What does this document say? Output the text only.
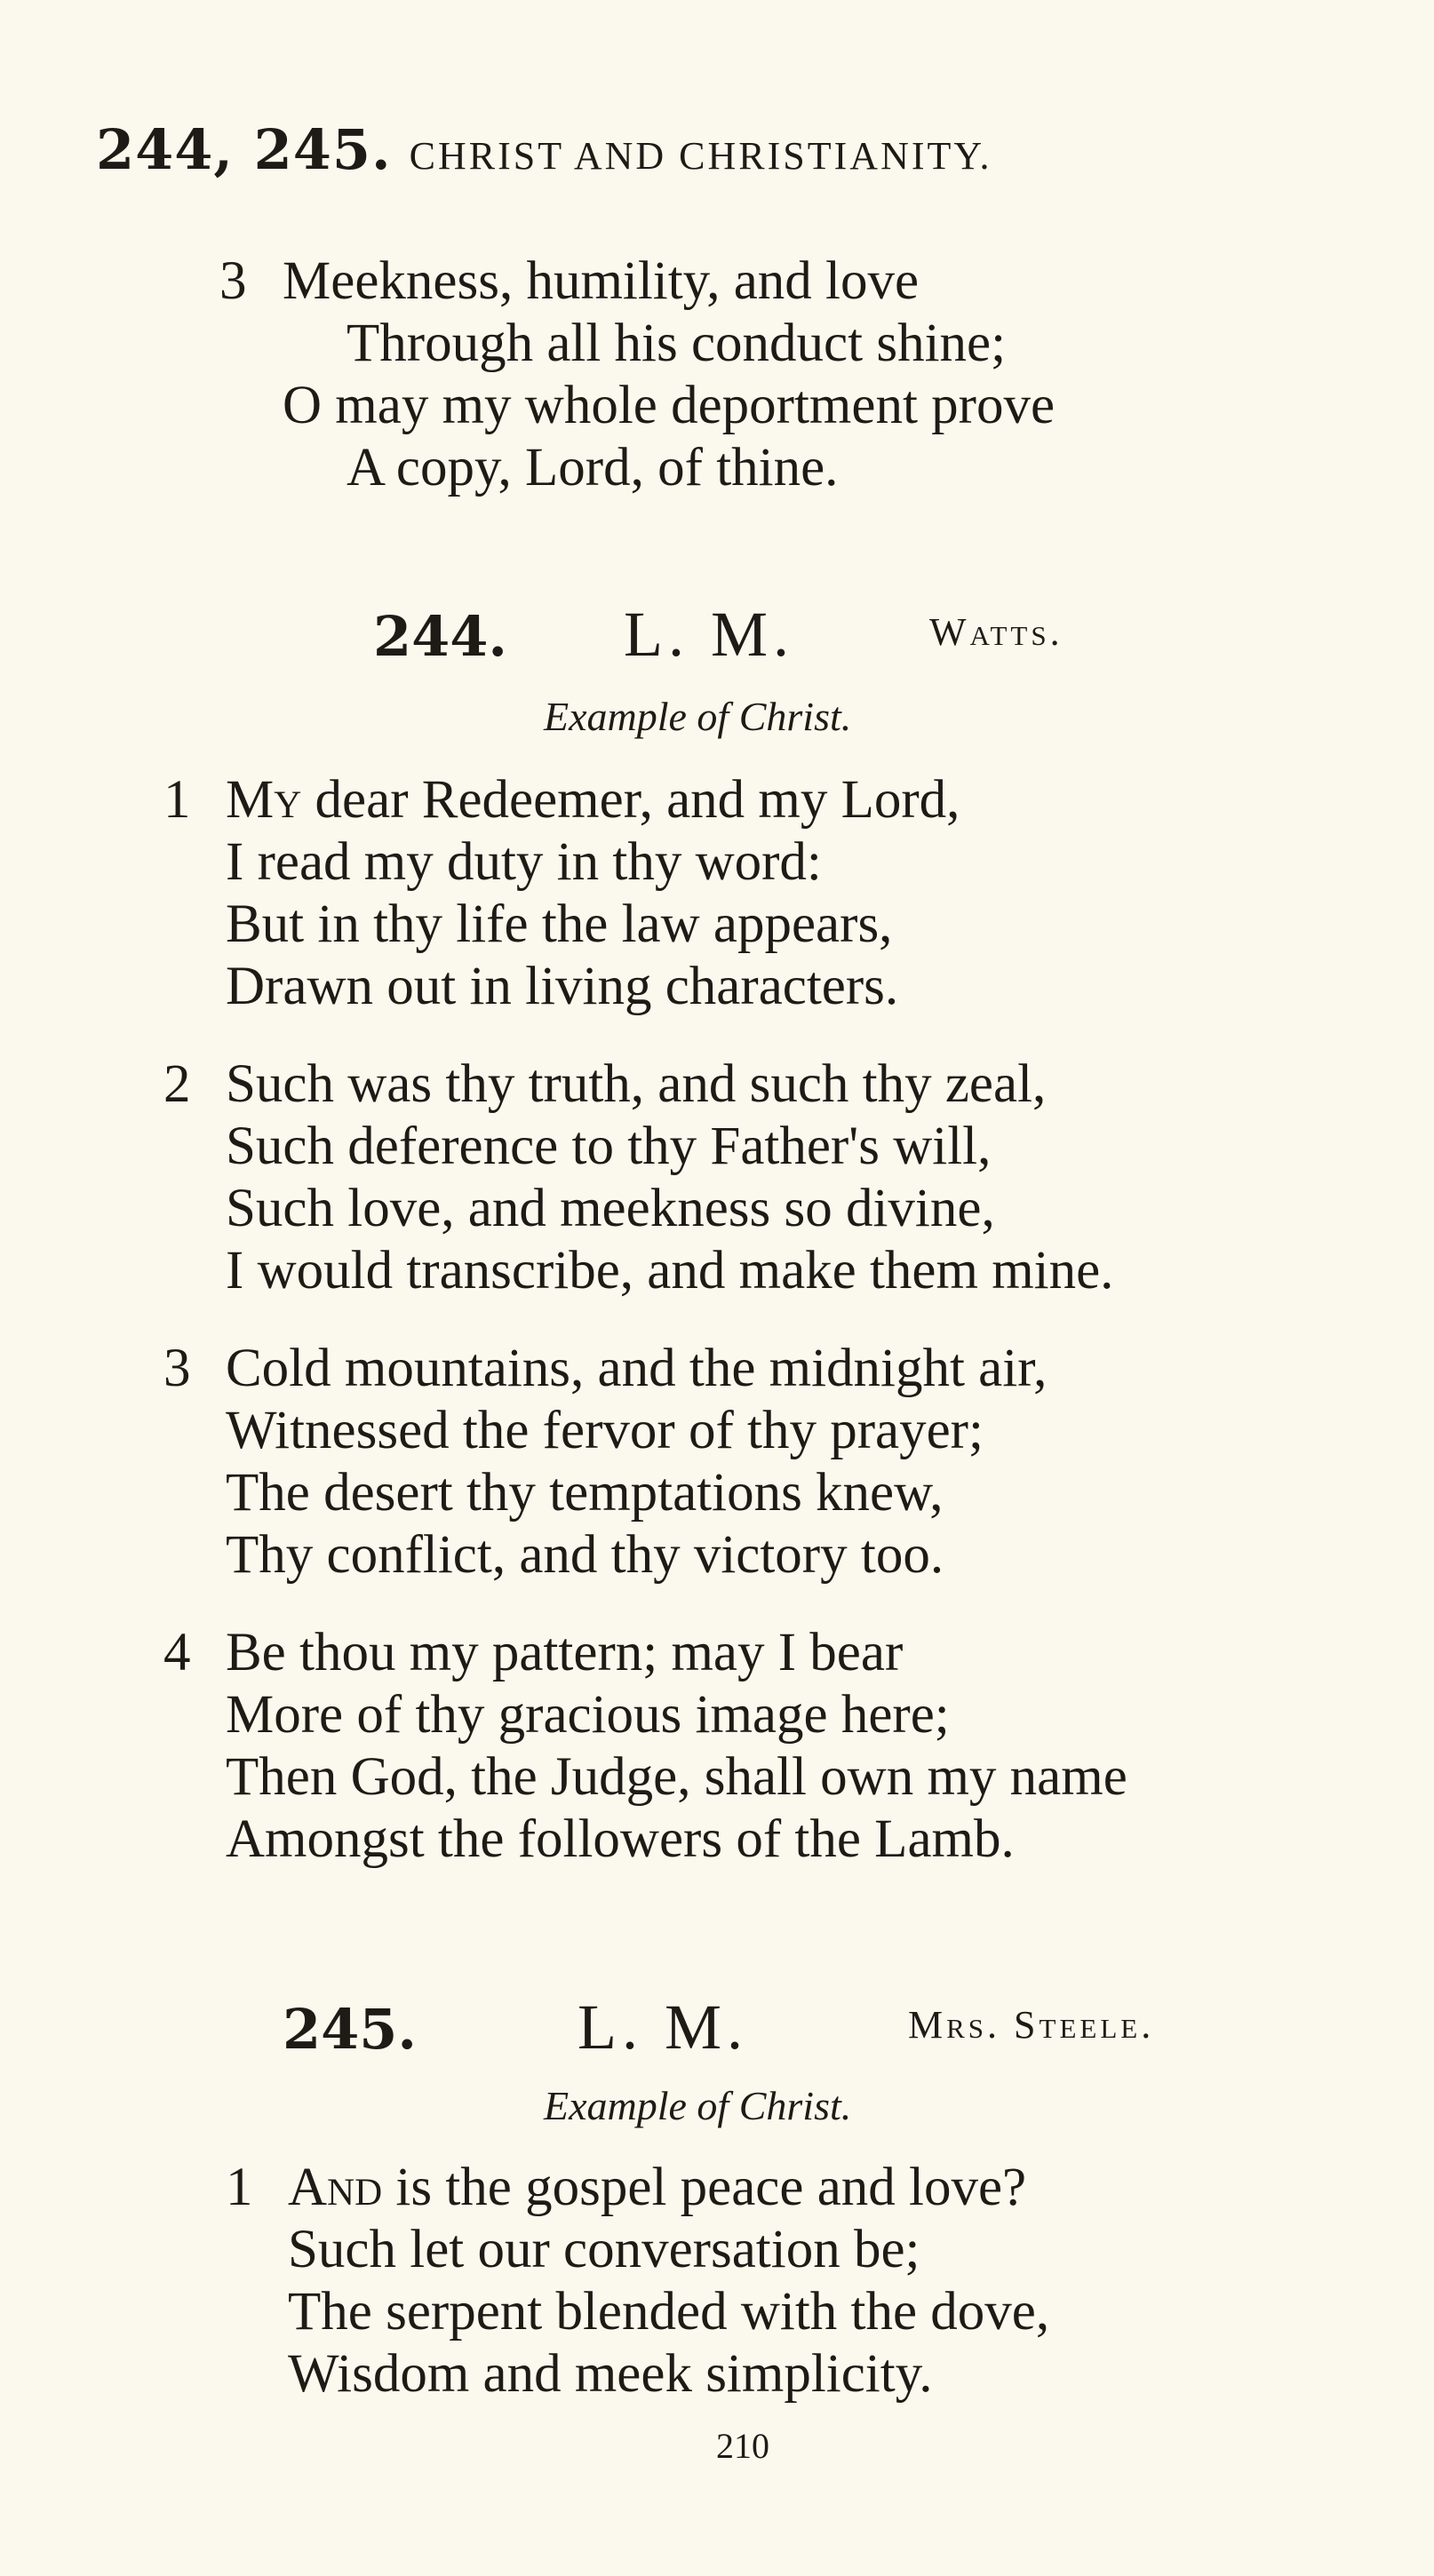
244, 245. CHRIST AND CHRISTIANITY.
3 Meekness, humility, and love
Through all his conduct shine;
O may my whole deportment prove
A copy, Lord, of thine.
244. L. M.	Watts.
Example of Christ.
1 My dear Redeemer, and my Lord,
I read my duty in thy word:
But in thy life the law appears,
Drawn out in living characters.
2 Such was thy truth, and such thy zeal,
Such deference to thy Father's will,
Such love, and meekness so divine,
I would transcribe, and make them mine.
3 Cold mountains, and the midnight air,
Witnessed the fervor of thy prayer;
The desert thy temptations knew,
Thy conflict, and thy victory too.
4 Be thou my pattern; may I bear
More of thy gracious image here;
Then God, the Judge, shall own my name
Amongst the followers of the Lamb.
245.	L. M.	Mrs. Steele.
Example of Christ.
1 And is the gospel peace and love?
Such let our conversation be;
The serpent blended with the dove,
Wisdom and meek simplicity.
210
